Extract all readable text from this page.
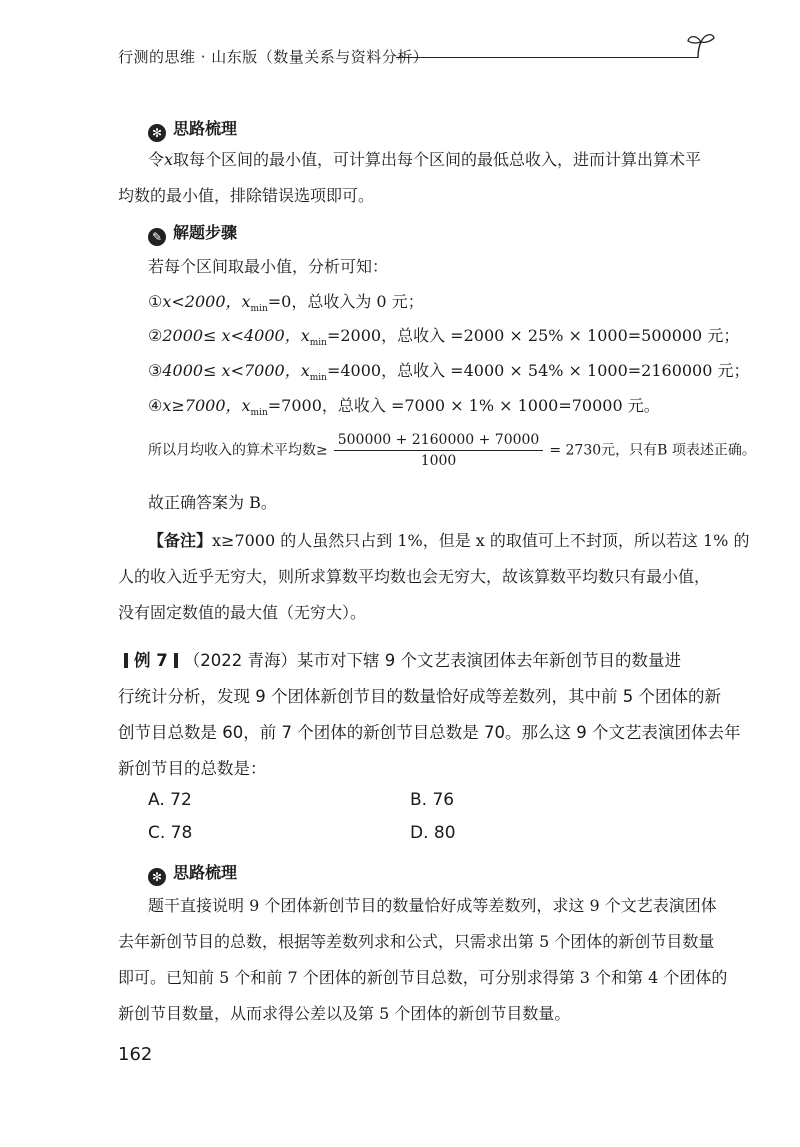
行测的思维 · 山东版（数量关系与资料分析）
✻ 思路梳理
令x取每个区间的最小值，可计算出每个区间的最低总收入，进而计算出算术平
均数的最小值，排除错误选项即可。
✎ 解题步骤
若每个区间取最小值，分析可知：
①x<2000，$x_{min}=0$，总收入为 0 元；
②2000≤ x<4000，$x_{min}=2000$，总收入 =2000 × 25% × 1000=500000 元；
③4000≤ x<7000，$x_{min}=4000$，总收入 =4000 × 54% × 1000=2160000 元；
④x≥7000，$x_{min}=7000$，总收入 =7000 × 1% × 1000=70000 元。
所以月均收入的算术平均数≥ $\frac{500000 + 2160000 + 70000}{1000} = 2730$元，只有B 项表述正确。
故正确答案为 B。
【备注】x≥7000 的人虽然只占到 1%，但是 x 的取值可上不封顶，所以若这 1% 的
人的收入近乎无穷大，则所求算数平均数也会无穷大，故该算数平均数只有最小值，
没有固定数值的最大值（无穷大）。
例 7 （2022 青海）某市对下辖 9 个文艺表演团体去年新创节目的数量进
行统计分析，发现 9 个团体新创节目的数量恰好成等差数列，其中前 5 个团体的新
创节目总数是 60，前 7 个团体的新创节目总数是 70。那么这 9 个文艺表演团体去年
新创节目的总数是：
A. 72	B. 76
C. 78	D. 80
✻ 思路梳理
题干直接说明 9 个团体新创节目的数量恰好成等差数列，求这 9 个文艺表演团体
去年新创节目的总数，根据等差数列求和公式，只需求出第 5 个团体的新创节目数量
即可。已知前 5 个和前 7 个团体的新创节目总数，可分别求得第 3 个和第 4 个团体的
新创节目数量，从而求得公差以及第 5 个团体的新创节目数量。
162
